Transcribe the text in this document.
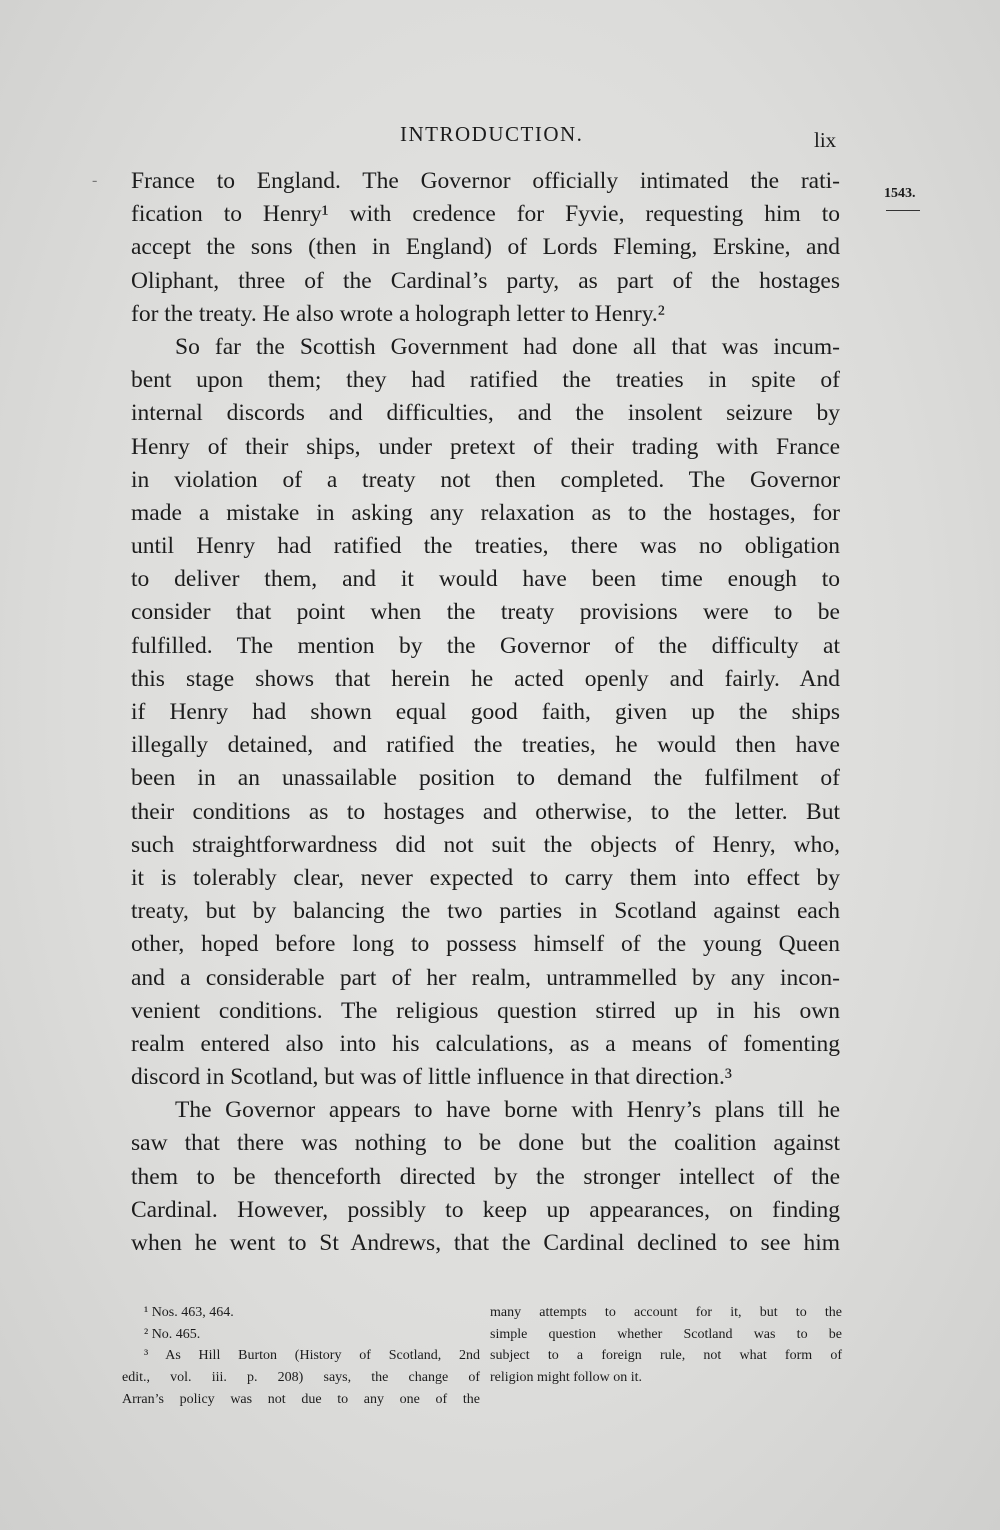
INTRODUCTION.	lix
-
1543.
France to England. The Governor officially intimated the rati-
fication to Henry¹ with credence for Fyvie, requesting him to
accept the sons (then in England) of Lords Fleming, Erskine, and
Oliphant, three of the Cardinal’s party, as part of the hostages
for the treaty. He also wrote a holograph letter to Henry.²
So far the Scottish Government had done all that was incum-
bent upon them; they had ratified the treaties in spite of
internal discords and difficulties, and the insolent seizure by
Henry of their ships, under pretext of their trading with France
in violation of a treaty not then completed. The Governor
made a mistake in asking any relaxation as to the hostages, for
until Henry had ratified the treaties, there was no obligation
to deliver them, and it would have been time enough to
consider that point when the treaty provisions were to be
fulfilled. The mention by the Governor of the difficulty at
this stage shows that herein he acted openly and fairly. And
if Henry had shown equal good faith, given up the ships
illegally detained, and ratified the treaties, he would then have
been in an unassailable position to demand the fulfilment of
their conditions as to hostages and otherwise, to the letter. But
such straightforwardness did not suit the objects of Henry, who,
it is tolerably clear, never expected to carry them into effect by
treaty, but by balancing the two parties in Scotland against each
other, hoped before long to possess himself of the young Queen
and a considerable part of her realm, untrammelled by any incon-
venient conditions. The religious question stirred up in his own
realm entered also into his calculations, as a means of fomenting
discord in Scotland, but was of little influence in that direction.³
The Governor appears to have borne with Henry’s plans till he
saw that there was nothing to be done but the coalition against
them to be thenceforth directed by the stronger intellect of the
Cardinal. However, possibly to keep up appearances, on finding
when he went to St Andrews, that the Cardinal declined to see him
¹ Nos. 463, 464.
² No. 465.
³ As Hill Burton (History of Scotland, 2nd
edit., vol. iii. p. 208) says, the change of
Arran’s policy was not due to any one of the
many attempts to account for it, but to the
simple question whether Scotland was to be
subject to a foreign rule, not what form of
religion might follow on it.
